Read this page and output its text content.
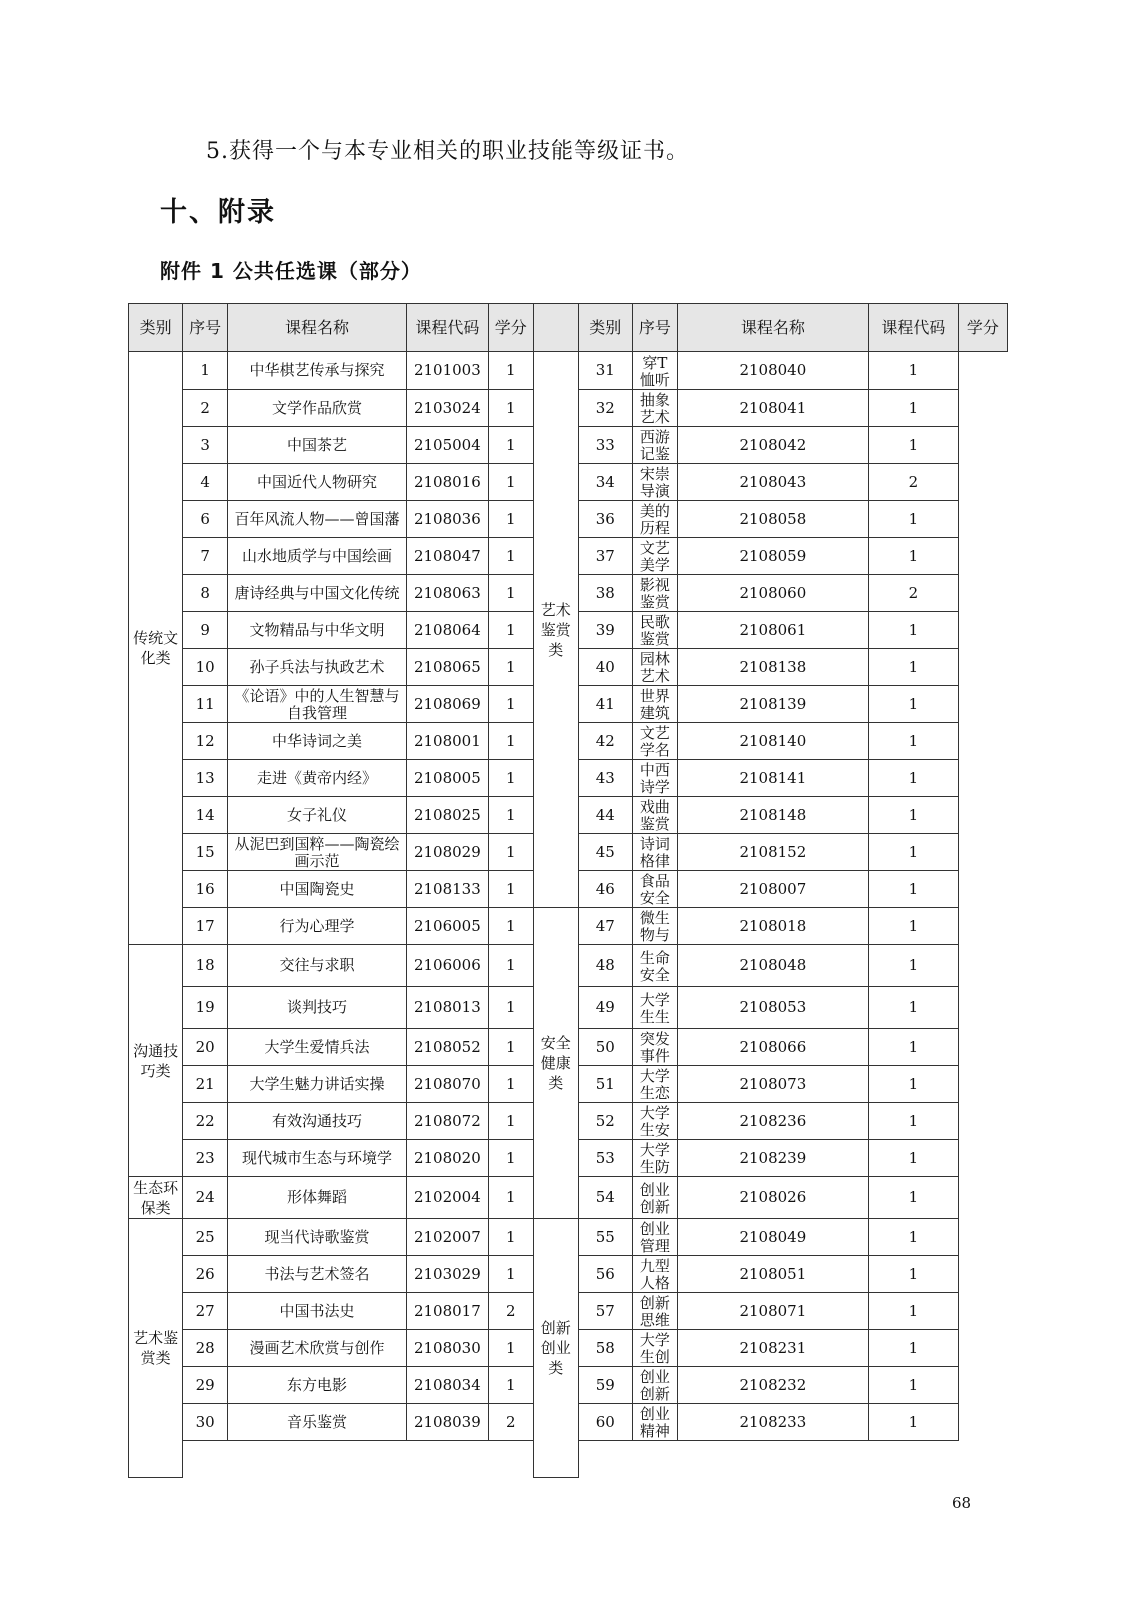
5.获得一个与本专业相关的职业技能等级证书。
十、附录
附件 1 公共任选课（部分）
类别	序号	课程名称	课程代码	学分		类别	序号	课程名称	课程代码	学分
传统文化类	1	中华棋艺传承与探究	2101003	1	艺术鉴赏类	31	穿T恤听	2108040	1	
	2	文学作品欣赏	2103024	1		32	抽象艺术	2108041	1	
	3	中国茶艺	2105004	1		33	西游记鉴	2108042	1	
	4	中国近代人物研究	2108016	1		34	宋崇导演	2108043	2	
	6	百年风流人物——曾国藩	2108036	1		36	美的历程	2108058	1	
	7	山水地质学与中国绘画	2108047	1		37	文艺美学	2108059	1	
	8	唐诗经典与中国文化传统	2108063	1		38	影视鉴赏	2108060	2	
	9	文物精品与中华文明	2108064	1		39	民歌鉴赏	2108061	1	
	10	孙子兵法与执政艺术	2108065	1		40	园林艺术	2108138	1	
	11	《论语》中的人生智慧与自我管理	2108069	1		41	世界建筑	2108139	1	
	12	中华诗词之美	2108001	1		42	文艺学名	2108140	1	
	13	走进《黄帝内经》	2108005	1		43	中西诗学	2108141	1	
	14	女子礼仪	2108025	1		44	戏曲鉴赏	2108148	1	
	15	从泥巴到国粹——陶瓷绘画示范	2108029	1		45	诗词格律	2108152	1	
	16	中国陶瓷史	2108133	1		46	食品安全	2108007	1	
	17	行为心理学	2106005	1	安全健康类	47	微生物与	2108018	1	
沟通技巧类	18	交往与求职	2106006	1		48	生命安全	2108048	1	
	19	谈判技巧	2108013	1		49	大学生生	2108053	1	
	20	大学生爱情兵法	2108052	1		50	突发事件	2108066	1	
	21	大学生魅力讲话实操	2108070	1		51	大学生恋	2108073	1	
	22	有效沟通技巧	2108072	1		52	大学生安	2108236	1	
	23	现代城市生态与环境学	2108020	1		53	大学生防	2108239	1	
生态环保类	24	形体舞蹈	2102004	1		54	创业创新	2108026	1	
艺术鉴赏类	25	现当代诗歌鉴赏	2102007	1	创新创业类	55	创业管理	2108049	1	
	26	书法与艺术签名	2103029	1		56	九型人格	2108051	1	
	27	中国书法史	2108017	2		57	创新思维	2108071	1	
	28	漫画艺术欣赏与创作	2108030	1		58	大学生创	2108231	1	
	29	东方电影	2108034	1		59	创业创新	2108232	1	
	30	音乐鉴赏	2108039	2		60	创业精神	2108233	1	

68
